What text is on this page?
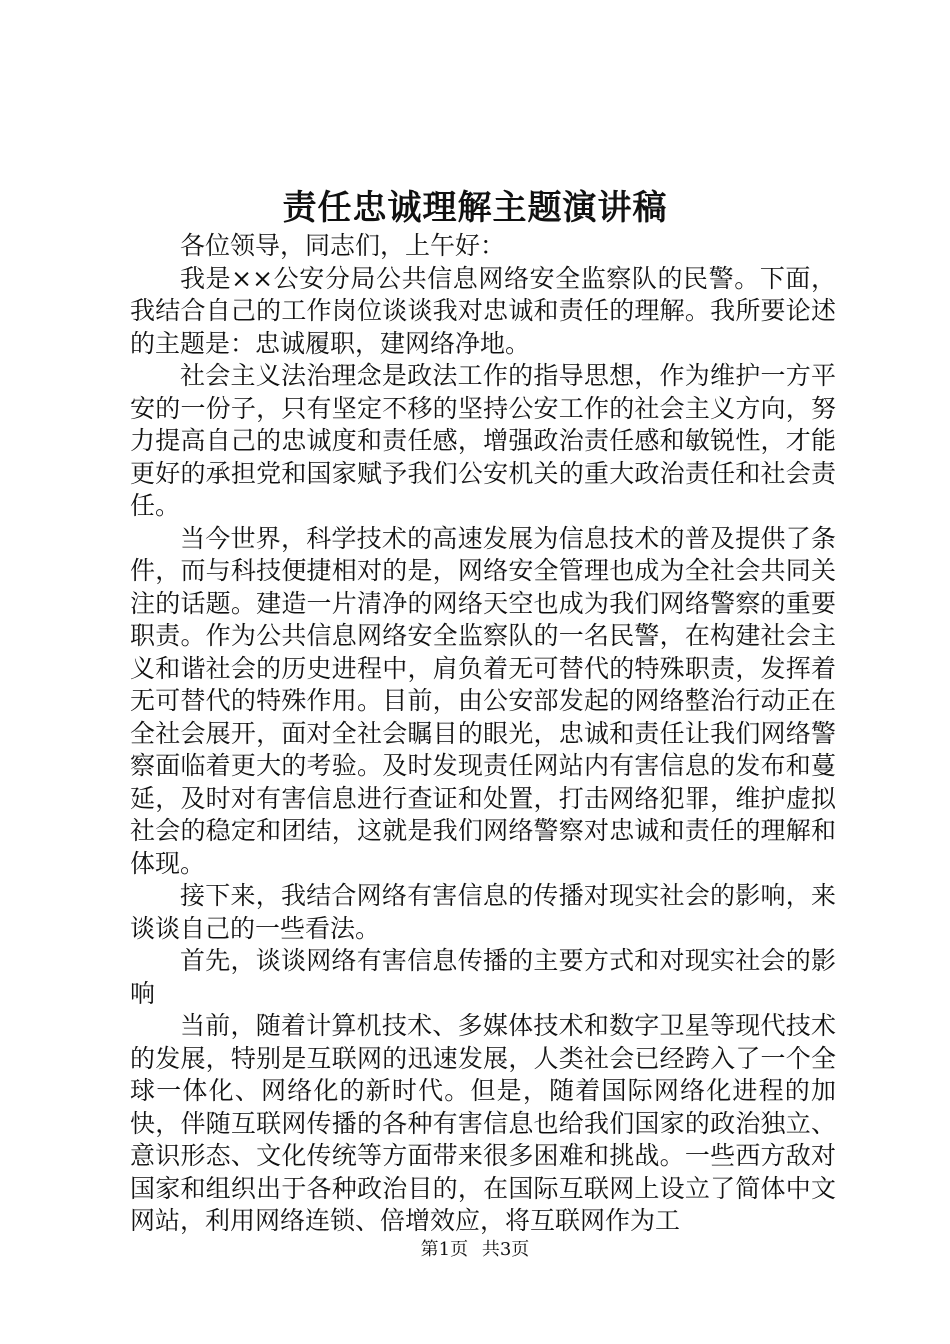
责任忠诚理解主题演讲稿

各位领导，同志们，上午好：

我是××公安分局公共信息网络安全监察队的民警。下面，我结合自己的工作岗位谈谈我对忠诚和责任的理解。我所要论述的主题是：忠诚履职，建网络净地。

社会主义法治理念是政法工作的指导思想，作为维护一方平安的一份子，只有坚定不移的坚持公安工作的社会主义方向，努力提高自己的忠诚度和责任感，增强政治责任感和敏锐性，才能更好的承担党和国家赋予我们公安机关的重大政治责任和社会责任。

当今世界，科学技术的高速发展为信息技术的普及提供了条件，而与科技便捷相对的是，网络安全管理也成为全社会共同关注的话题。建造一片清净的网络天空也成为我们网络警察的重要职责。作为公共信息网络安全监察队的一名民警，在构建社会主义和谐社会的历史进程中，肩负着无可替代的特殊职责，发挥着无可替代的特殊作用。目前，由公安部发起的网络整治行动正在全社会展开，面对全社会瞩目的眼光，忠诚和责任让我们网络警察面临着更大的考验。及时发现责任网站内有害信息的发布和蔓延，及时对有害信息进行查证和处置，打击网络犯罪，维护虚拟社会的稳定和团结，这就是我们网络警察对忠诚和责任的理解和体现。

接下来，我结合网络有害信息的传播对现实社会的影响，来谈谈自己的一些看法。

首先，谈谈网络有害信息传播的主要方式和对现实社会的影响

当前，随着计算机技术、多媒体技术和数字卫星等现代技术的发展，特别是互联网的迅速发展，人类社会已经跨入了一个全球一体化、网络化的新时代。但是，随着国际网络化进程的加快，伴随互联网传播的各种有害信息也给我们国家的政治独立、意识形态、文化传统等方面带来很多困难和挑战。一些西方敌对国家和组织出于各种政治目的，在国际互联网上设立了简体中文网站，利用网络连锁、倍增效应，将互联网作为工

第1页 共3页
